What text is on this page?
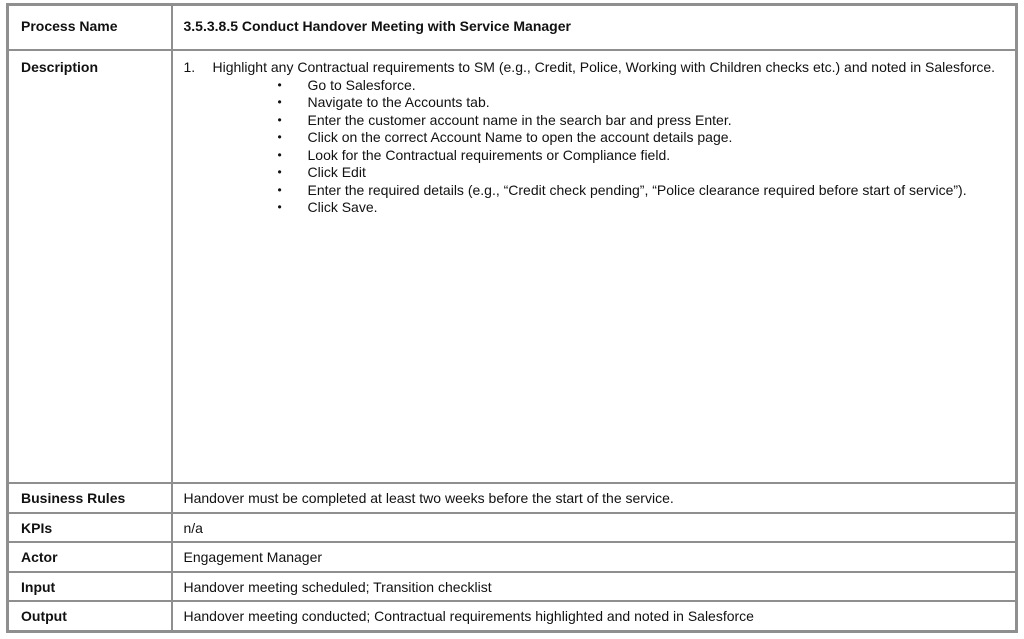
Process Name	3.5.3.8.5 Conduct Handover Meeting with Service Manager
Description	1.	Highlight any Contractual requirements to SM (e.g., Credit, Police, Working with Children checks etc.) and noted in Salesforce.
•	Go to Salesforce.
•	Navigate to the Accounts tab.
•	Enter the customer account name in the search bar and press Enter.
•	Click on the correct Account Name to open the account details page.
•	Look for the Contractual requirements or Compliance field.
•	Click Edit
•	Enter the required details (e.g., “Credit check pending”, “Police clearance required before start of service”).
•	Click Save.

Business Rules	Handover must be completed at least two weeks before the start of the service.
KPIs	n/a
Actor	Engagement Manager
Input	Handover meeting scheduled; Transition checklist
Output	Handover meeting conducted; Contractual requirements highlighted and noted in Salesforce
